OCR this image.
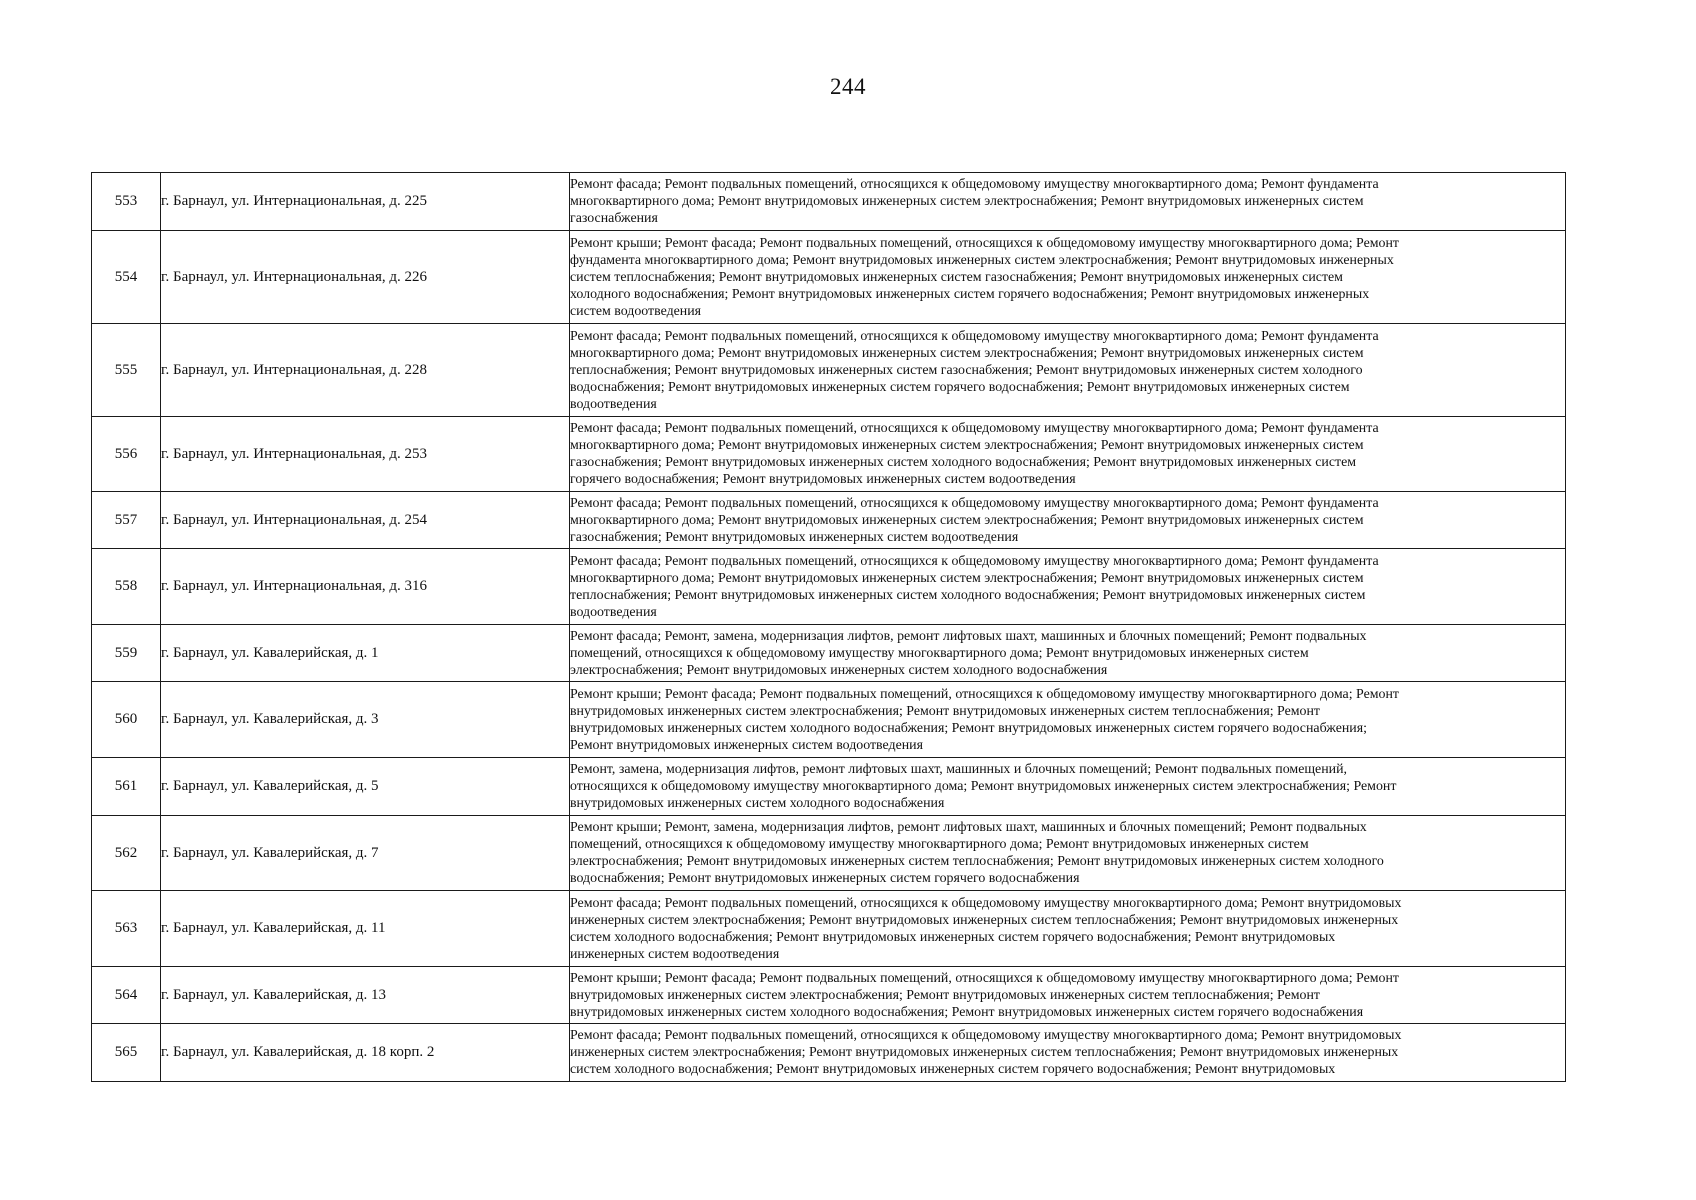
244
553	г. Барнаул, ул. Интернациональная, д. 225	Ремонт фасада; Ремонт подвальных помещений, относящихся к общедомовому имуществу многоквартирного дома; Ремонт фундамента
многоквартирного дома; Ремонт внутридомовых инженерных систем электроснабжения; Ремонт внутридомовых инженерных систем
газоснабжения
554	г. Барнаул, ул. Интернациональная, д. 226	Ремонт крыши; Ремонт фасада; Ремонт подвальных помещений, относящихся к общедомовому имуществу многоквартирного дома; Ремонт
фундамента многоквартирного дома; Ремонт внутридомовых инженерных систем электроснабжения; Ремонт внутридомовых инженерных
систем теплоснабжения; Ремонт внутридомовых инженерных систем газоснабжения; Ремонт внутридомовых инженерных систем
холодного водоснабжения; Ремонт внутридомовых инженерных систем горячего водоснабжения; Ремонт внутридомовых инженерных
систем водоотведения
555	г. Барнаул, ул. Интернациональная, д. 228	Ремонт фасада; Ремонт подвальных помещений, относящихся к общедомовому имуществу многоквартирного дома; Ремонт фундамента
многоквартирного дома; Ремонт внутридомовых инженерных систем электроснабжения; Ремонт внутридомовых инженерных систем
теплоснабжения; Ремонт внутридомовых инженерных систем газоснабжения; Ремонт внутридомовых инженерных систем холодного
водоснабжения; Ремонт внутридомовых инженерных систем горячего водоснабжения; Ремонт внутридомовых инженерных систем
водоотведения
556	г. Барнаул, ул. Интернациональная, д. 253	Ремонт фасада; Ремонт подвальных помещений, относящихся к общедомовому имуществу многоквартирного дома; Ремонт фундамента
многоквартирного дома; Ремонт внутридомовых инженерных систем электроснабжения; Ремонт внутридомовых инженерных систем
газоснабжения; Ремонт внутридомовых инженерных систем холодного водоснабжения; Ремонт внутридомовых инженерных систем
горячего водоснабжения; Ремонт внутридомовых инженерных систем водоотведения
557	г. Барнаул, ул. Интернациональная, д. 254	Ремонт фасада; Ремонт подвальных помещений, относящихся к общедомовому имуществу многоквартирного дома; Ремонт фундамента
многоквартирного дома; Ремонт внутридомовых инженерных систем электроснабжения; Ремонт внутридомовых инженерных систем
газоснабжения; Ремонт внутридомовых инженерных систем водоотведения
558	г. Барнаул, ул. Интернациональная, д. 316	Ремонт фасада; Ремонт подвальных помещений, относящихся к общедомовому имуществу многоквартирного дома; Ремонт фундамента
многоквартирного дома; Ремонт внутридомовых инженерных систем электроснабжения; Ремонт внутридомовых инженерных систем
теплоснабжения; Ремонт внутридомовых инженерных систем холодного водоснабжения; Ремонт внутридомовых инженерных систем
водоотведения
559	г. Барнаул, ул. Кавалерийская, д. 1	Ремонт фасада; Ремонт, замена, модернизация лифтов, ремонт лифтовых шахт, машинных и блочных помещений; Ремонт подвальных
помещений, относящихся к общедомовому имуществу многоквартирного дома; Ремонт внутридомовых инженерных систем
электроснабжения; Ремонт внутридомовых инженерных систем холодного водоснабжения
560	г. Барнаул, ул. Кавалерийская, д. 3	Ремонт крыши; Ремонт фасада; Ремонт подвальных помещений, относящихся к общедомовому имуществу многоквартирного дома; Ремонт
внутридомовых инженерных систем электроснабжения; Ремонт внутридомовых инженерных систем теплоснабжения; Ремонт
внутридомовых инженерных систем холодного водоснабжения; Ремонт внутридомовых инженерных систем горячего водоснабжения;
Ремонт внутридомовых инженерных систем водоотведения
561	г. Барнаул, ул. Кавалерийская, д. 5	Ремонт, замена, модернизация лифтов, ремонт лифтовых шахт, машинных и блочных помещений; Ремонт подвальных помещений,
относящихся к общедомовому имуществу многоквартирного дома; Ремонт внутридомовых инженерных систем электроснабжения; Ремонт
внутридомовых инженерных систем холодного водоснабжения
562	г. Барнаул, ул. Кавалерийская, д. 7	Ремонт крыши; Ремонт, замена, модернизация лифтов, ремонт лифтовых шахт, машинных и блочных помещений; Ремонт подвальных
помещений, относящихся к общедомовому имуществу многоквартирного дома; Ремонт внутридомовых инженерных систем
электроснабжения; Ремонт внутридомовых инженерных систем теплоснабжения; Ремонт внутридомовых инженерных систем холодного
водоснабжения; Ремонт внутридомовых инженерных систем горячего водоснабжения
563	г. Барнаул, ул. Кавалерийская, д. 11	Ремонт фасада; Ремонт подвальных помещений, относящихся к общедомовому имуществу многоквартирного дома; Ремонт внутридомовых
инженерных систем электроснабжения; Ремонт внутридомовых инженерных систем теплоснабжения; Ремонт внутридомовых инженерных
систем холодного водоснабжения; Ремонт внутридомовых инженерных систем горячего водоснабжения; Ремонт внутридомовых
инженерных систем водоотведения
564	г. Барнаул, ул. Кавалерийская, д. 13	Ремонт крыши; Ремонт фасада; Ремонт подвальных помещений, относящихся к общедомовому имуществу многоквартирного дома; Ремонт
внутридомовых инженерных систем электроснабжения; Ремонт внутридомовых инженерных систем теплоснабжения; Ремонт
внутридомовых инженерных систем холодного водоснабжения; Ремонт внутридомовых инженерных систем горячего водоснабжения
565	г. Барнаул, ул. Кавалерийская, д. 18 корп. 2	Ремонт фасада; Ремонт подвальных помещений, относящихся к общедомовому имуществу многоквартирного дома; Ремонт внутридомовых
инженерных систем электроснабжения; Ремонт внутридомовых инженерных систем теплоснабжения; Ремонт внутридомовых инженерных
систем холодного водоснабжения; Ремонт внутридомовых инженерных систем горячего водоснабжения; Ремонт внутридомовых
